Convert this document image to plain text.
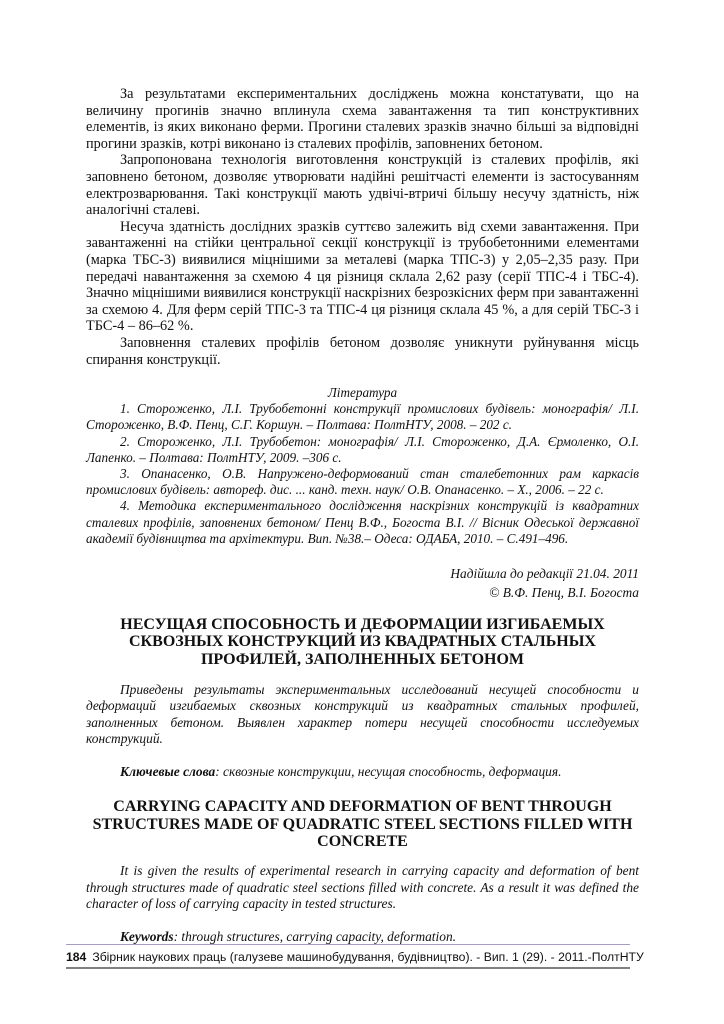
За результатами експериментальних досліджень можна констатувати, що на величину прогинів значно вплинула схема завантаження та тип конструктивних елементів, із яких виконано ферми. Прогини сталевих зразків значно більші за відповідні прогини зразків, котрі виконано із сталевих профілів, заповнених бетоном.

Запропонована технологія виготовлення конструкцій із сталевих профілів, які заповнено бетоном, дозволяє утворювати надійні решітчасті елементи із застосуванням електрозварювання. Такі конструкції мають удвічі-втричі більшу несучу здатність, ніж аналогічні сталеві.

Несуча здатність дослідних зразків суттєво залежить від схеми завантаження. При завантаженні на стійки центральної секції конструкції із трубобетонними елементами (марка ТБС-3) виявилися міцнішими за металеві (марка ТПС-3) у 2,05–2,35 разу. При передачі навантаження за схемою 4 ця різниця склала 2,62 разу (серії ТПС-4 і ТБС-4). Значно міцнішими виявилися конструкції наскрізних безрозкісних ферм при завантаженні за схемою 4. Для ферм серій ТПС-3 та ТПС-4 ця різниця склала 45 %, а для серій ТБС-3 і ТБС-4 – 86–62 %.

Заповнення сталевих профілів бетоном дозволяє уникнути руйнування місць спирання конструкції.

Література

1. Стороженко, Л.І. Трубобетонні конструкції промислових будівель: монографія/ Л.І. Стороженко, В.Ф. Пенц, С.Г. Коршун. – Полтава: ПолтНТУ, 2008. – 202 с.

2. Стороженко, Л.І. Трубобетон: монографія/ Л.І. Стороженко, Д.А. Єрмоленко, О.І. Лапенко. – Полтава: ПолтНТУ, 2009. –306 с.

3. Опанасенко, О.В. Напружено-деформований стан сталебетонних рам каркасів промислових будівель: автореф. дис. ... канд. техн. наук/ О.В. Опанасенко. – Х., 2006. – 22 с.

4. Методика експериментального дослідження наскрізних конструкцій із квадратних сталевих профілів, заповнених бетоном/ Пенц В.Ф., Богоста В.І. // Вісник Одеської державної академії будівництва та архітектури. Вип. №38.– Одеса: ОДАБА, 2010. – С.491–496.

Надійшла до редакції 21.04. 2011

© В.Ф. Пенц, В.І. Богоста

НЕСУЩАЯ СПОСОБНОСТЬ И ДЕФОРМАЦИИ ИЗГИБАЕМЫХ СКВОЗНЫХ КОНСТРУКЦИЙ ИЗ КВАДРАТНЫХ СТАЛЬНЫХ ПРОФИЛЕЙ, ЗАПОЛНЕННЫХ БЕТОНОМ

Приведены результаты экспериментальных исследований несущей способности и деформаций изгибаемых сквозных конструкций из квадратных стальных профилей, заполненных бетоном. Выявлен характер потери несущей способности исследуемых конструкций.

Ключевые слова: сквозные конструкции, несущая способность, деформация.

CARRYING CAPACITY AND DEFORMATION OF BENT THROUGH STRUCTURES MADE OF QUADRATIC STEEL SECTIONS FILLED WITH CONCRETE

It is given the results of experimental research in carrying capacity and deformation of bent through structures made of quadratic steel sections filled with concrete. As a result it was defined the character of loss of carrying capacity in tested structures.

Keywords: through structures, carrying capacity, deformation.

184 Збірник наукових праць (галузеве машинобудування, будівництво). - Вип. 1 (29). - 2011.-ПолтНТУ
